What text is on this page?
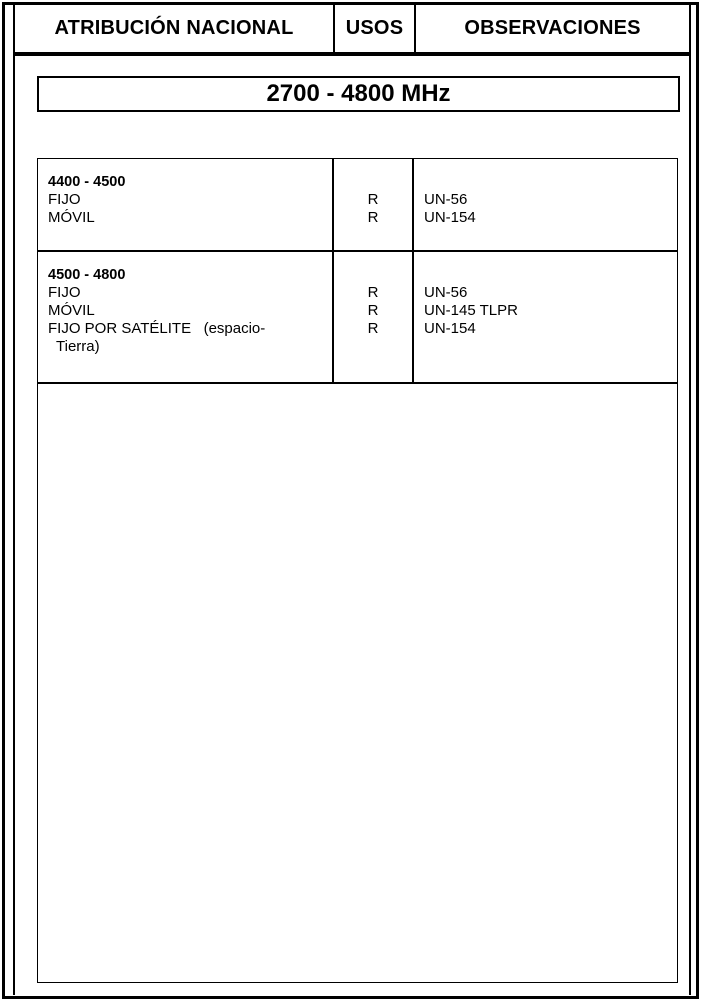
ATRIBUCIÓN NACIONAL	USOS	OBSERVACIONES
2700 - 4800 MHz
4400 - 4500
FIJO
MÓVIL

R
R

UN-56
UN-154
4500 - 4800
FIJO
MÓVIL
FIJO POR SATÉLITE   (espacio-
Tierra)

R
R
R

UN-56
UN-145 TLPR
UN-154
